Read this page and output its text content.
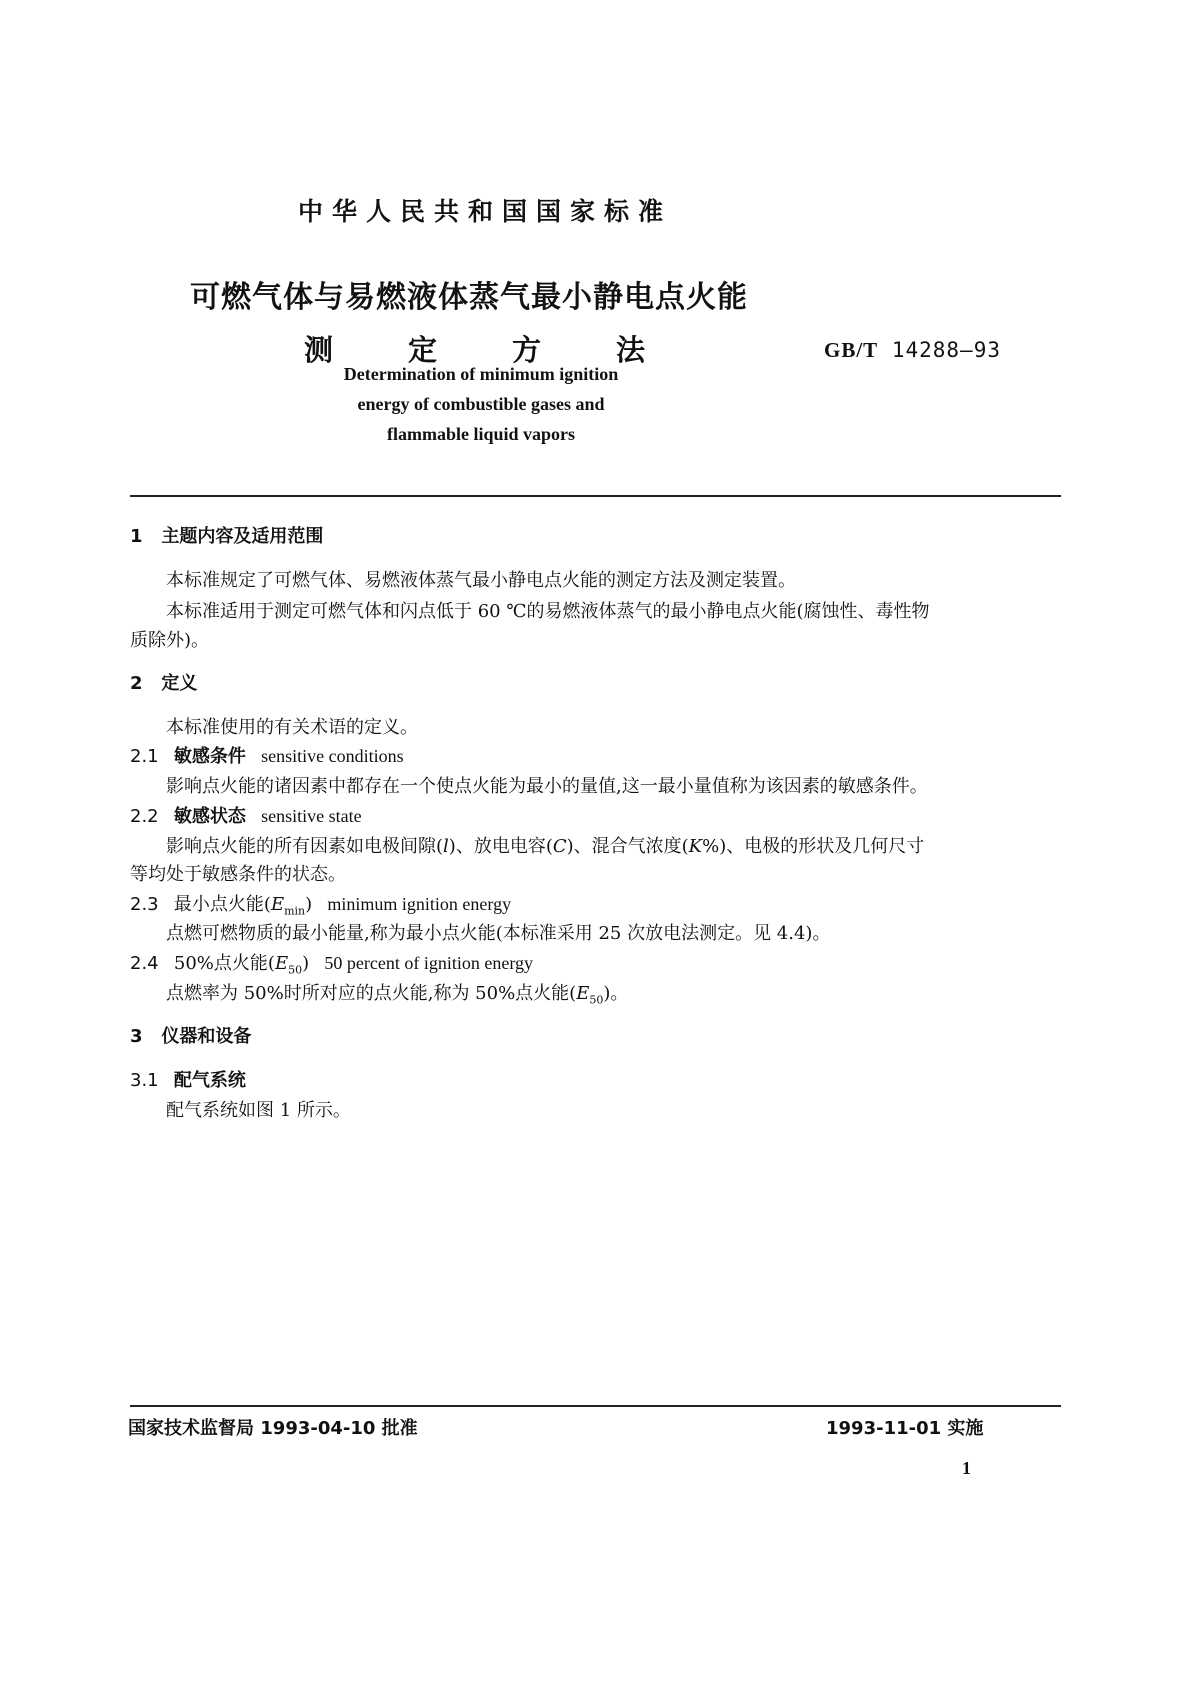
中华人民共和国国家标准
可燃气体与易燃液体蒸气最小静电点火能
测	定	方	法	GB/T 14288—93
Determination of minimum ignition
energy of combustible gases and
flammable liquid vapors
1 主题内容及适用范围
本标准规定了可燃气体、易燃液体蒸气最小静电点火能的测定方法及测定装置。
本标准适用于测定可燃气体和闪点低于 60 ℃的易燃液体蒸气的最小静电点火能(腐蚀性、毒性物
质除外)。
2 定义
本标准使用的有关术语的定义。
2.1 敏感条件 sensitive conditions
影响点火能的诸因素中都存在一个使点火能为最小的量值,这一最小量值称为该因素的敏感条件。
2.2 敏感状态 sensitive state
影响点火能的所有因素如电极间隙(l)、放电电容(C)、混合气浓度(K%)、电极的形状及几何尺寸
等均处于敏感条件的状态。
2.3 最小点火能$(E_{min})$ minimum ignition energy
点燃可燃物质的最小能量,称为最小点火能(本标准采用 25 次放电法测定。见 4.4)。
2.4 50%点火能$(E_{50})$ 50 percent of ignition energy
点燃率为 50%时所对应的点火能,称为 50%点火能$(E_{50})$。
3 仪器和设备
3.1 配气系统
配气系统如图 1 所示。
国家技术监督局 1993-04-10 批准	1993-11-01 实施
1
